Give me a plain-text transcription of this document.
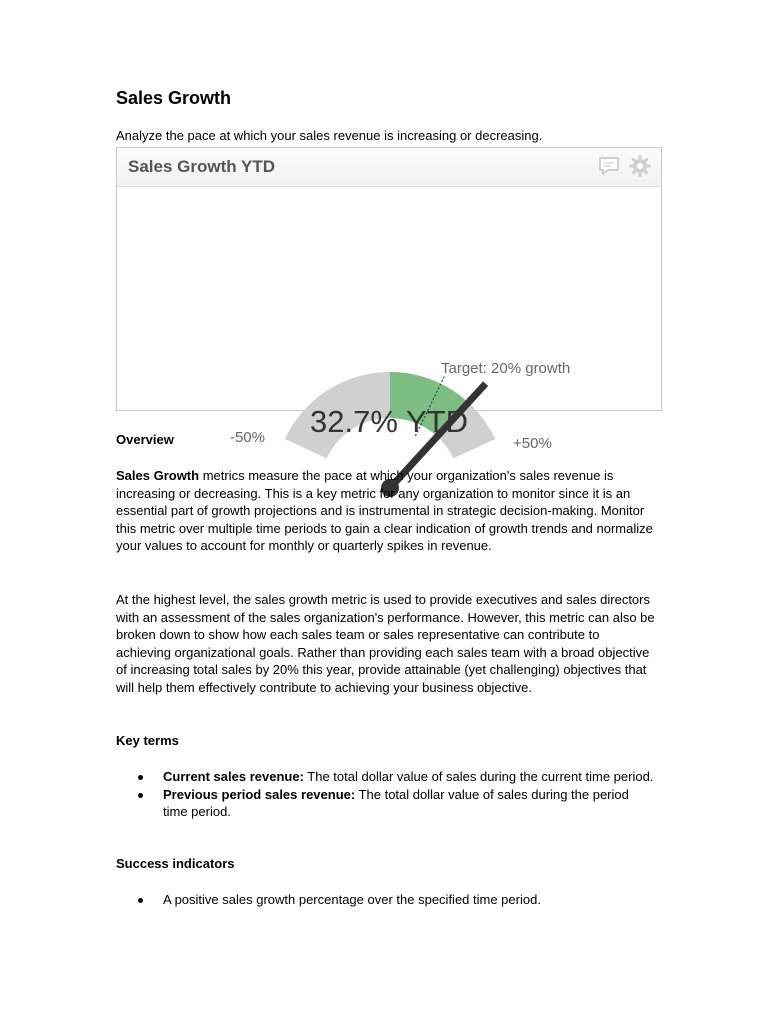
Sales Growth
Analyze the pace at which your sales revenue is increasing or decreasing.
Sales Growth YTD
-50%	+50%
Target: 20% growth
32.7% YTD
Overview
Sales Growth metrics measure the pace at which your organization's sales revenue is increasing or decreasing. This is a key metric for any organization to monitor since it is an essential part of growth projections and is instrumental in strategic decision-making. Monitor this metric over multiple time periods to gain a clear indication of growth trends and normalize your values to account for monthly or quarterly spikes in revenue.
At the highest level, the sales growth metric is used to provide executives and sales directors with an assessment of the sales organization's performance. However, this metric can also be broken down to show how each sales team or sales representative can contribute to achieving organizational goals. Rather than providing each sales team with a broad objective of increasing total sales by 20% this year, provide attainable (yet challenging) objectives that will help them effectively contribute to achieving your business objective.
Key terms
Current sales revenue: The total dollar value of sales during the current time period.
Previous period sales revenue: The total dollar value of sales during the period time period.
Success indicators
A positive sales growth percentage over the specified time period.
